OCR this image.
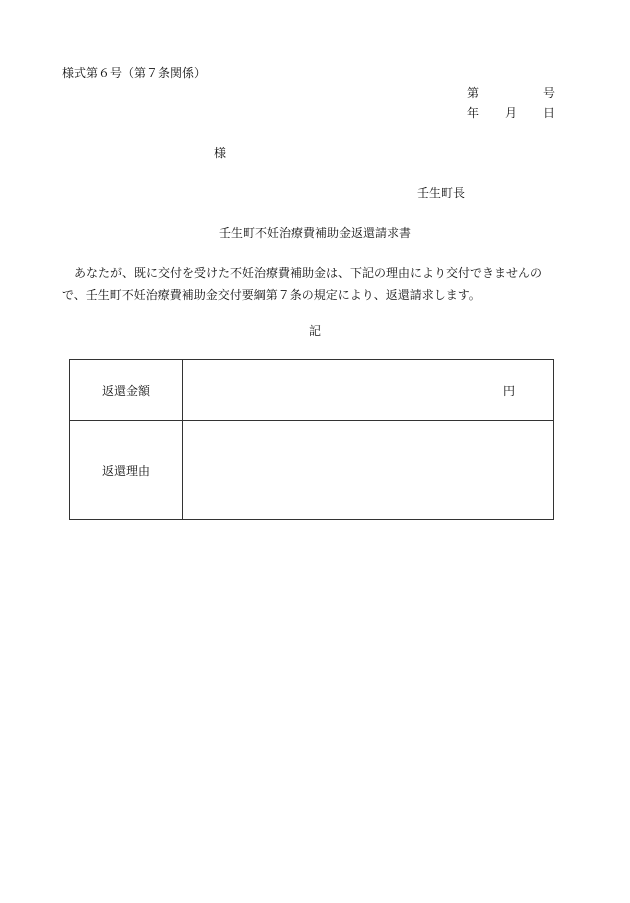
様式第６号（第７条関係）
第	号
年 月 日
様
壬生町長
壬生町不妊治療費補助金返還請求書
　あなたが、既に交付を受けた不妊治療費補助金は、下記の理由により交付できませんの
で、壬生町不妊治療費補助金交付要綱第７条の規定により、返還請求します。
記
返還金額	円
返還理由	
